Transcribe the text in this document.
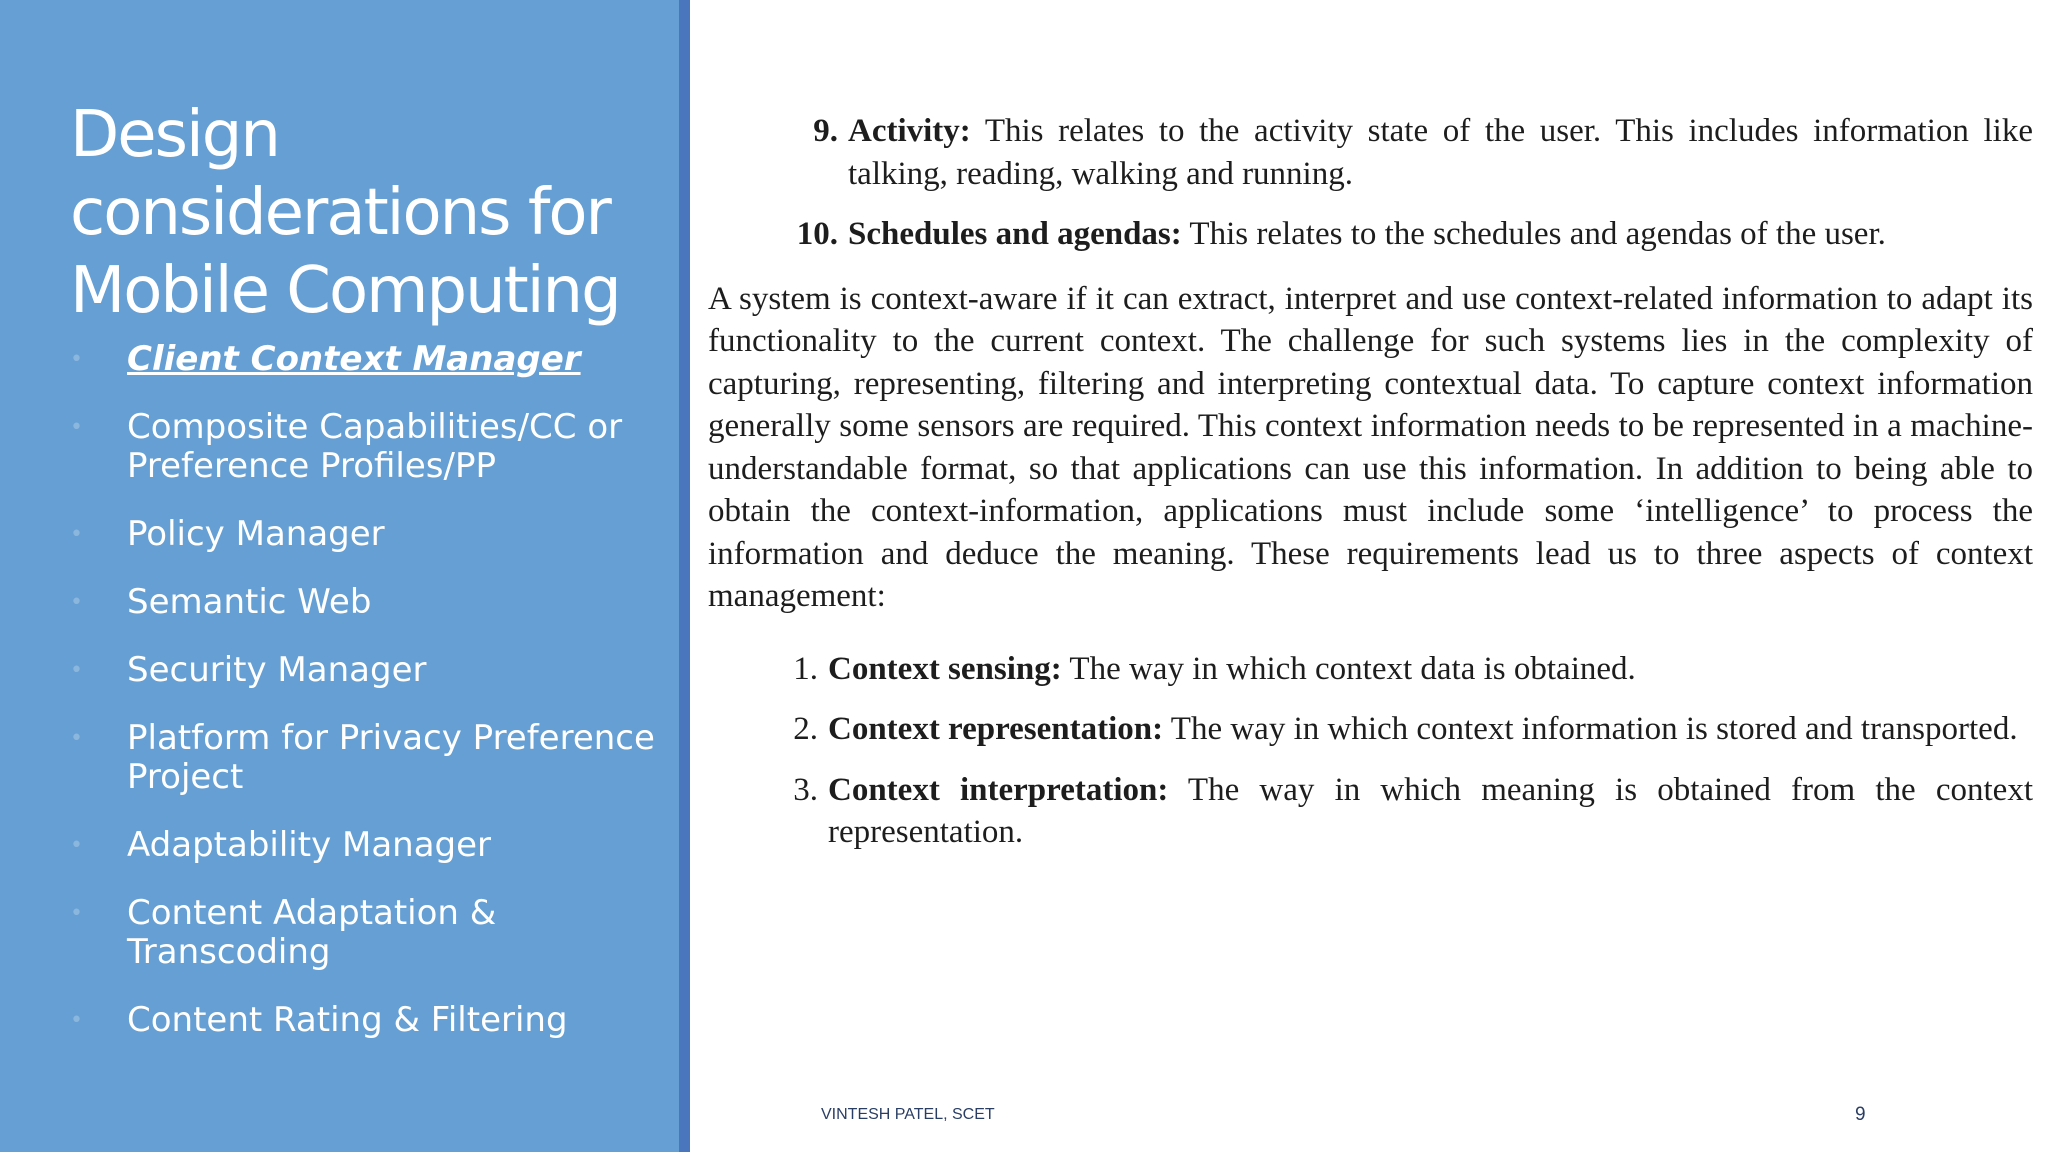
Design considerations for Mobile Computing
• Client Context Manager
• Composite Capabilities/CC or Preference Profiles/PP
• Policy Manager
• Semantic Web
• Security Manager
• Platform for Privacy Preference Project
• Adaptability Manager
• Content Adaptation & Transcoding
• Content Rating & Filtering
9. Activity: This relates to the activity state of the user. This includes information like talking, reading, walking and running.
10. Schedules and agendas: This relates to the schedules and agendas of the user.

A system is context-aware if it can extract, interpret and use context-related information to adapt its functionality to the current context. The challenge for such systems lies in the complexity of capturing, representing, filtering and interpreting contextual data. To capture context information generally some sensors are required. This context information needs to be represented in a machine-understandable format, so that applications can use this information. In addition to being able to obtain the context-information, applications must include some ‘intelligence’ to process the information and deduce the meaning. These requirements lead us to three aspects of context management:

1. Context sensing: The way in which context data is obtained.
2. Context representation: The way in which context information is stored and transported.
3. Context interpretation: The way in which meaning is obtained from the context representation.
VINTESH PATEL, SCET	9
